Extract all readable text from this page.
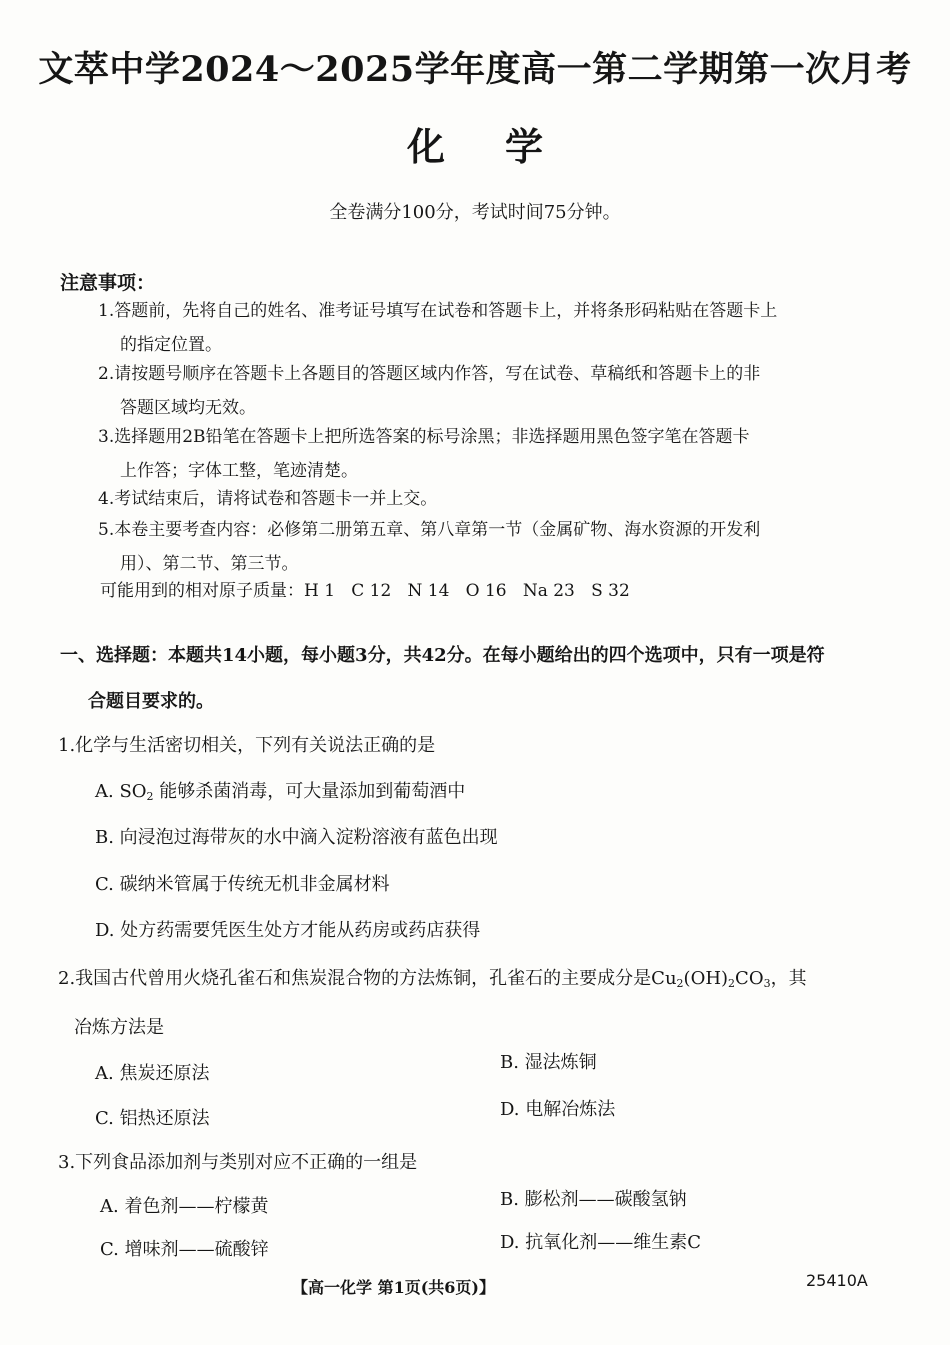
文萃中学2024～2025学年度高一第二学期第一次月考
化学
全卷满分100分，考试时间75分钟。
注意事项：
1.答题前，先将自己的姓名、准考证号填写在试卷和答题卡上，并将条形码粘贴在答题卡上
的指定位置。
2.请按题号顺序在答题卡上各题目的答题区域内作答，写在试卷、草稿纸和答题卡上的非
答题区域均无效。
3.选择题用2B铅笔在答题卡上把所选答案的标号涂黑；非选择题用黑色签字笔在答题卡
上作答；字体工整，笔迹清楚。
4.考试结束后，请将试卷和答题卡一并上交。
5.本卷主要考查内容：必修第二册第五章、第八章第一节（金属矿物、海水资源的开发利
用）、第二节、第三节。
可能用到的相对原子质量：H 1   C 12   N 14   O 16   Na 23   S 32
一、选择题：本题共14小题，每小题3分，共42分。在每小题给出的四个选项中，只有一项是符
合题目要求的。
1.化学与生活密切相关，下列有关说法正确的是
A. $SO_2$ 能够杀菌消毒，可大量添加到葡萄酒中
B. 向浸泡过海带灰的水中滴入淀粉溶液有蓝色出现
C. 碳纳米管属于传统无机非金属材料
D. 处方药需要凭医生处方才能从药房或药店获得
2.我国古代曾用火烧孔雀石和焦炭混合物的方法炼铜，孔雀石的主要成分是$Cu_2(OH)_2CO_3$，其
冶炼方法是
A. 焦炭还原法
B. 湿法炼铜
C. 铝热还原法	D. 电解冶炼法
3.下列食品添加剂与类别对应不正确的一组是
A. 着色剂——柠檬黄	B. 膨松剂——碳酸氢钠
C. 增味剂——硫酸锌	D. 抗氧化剂——维生素C
【高一化学 第1页(共6页)】	25410A
